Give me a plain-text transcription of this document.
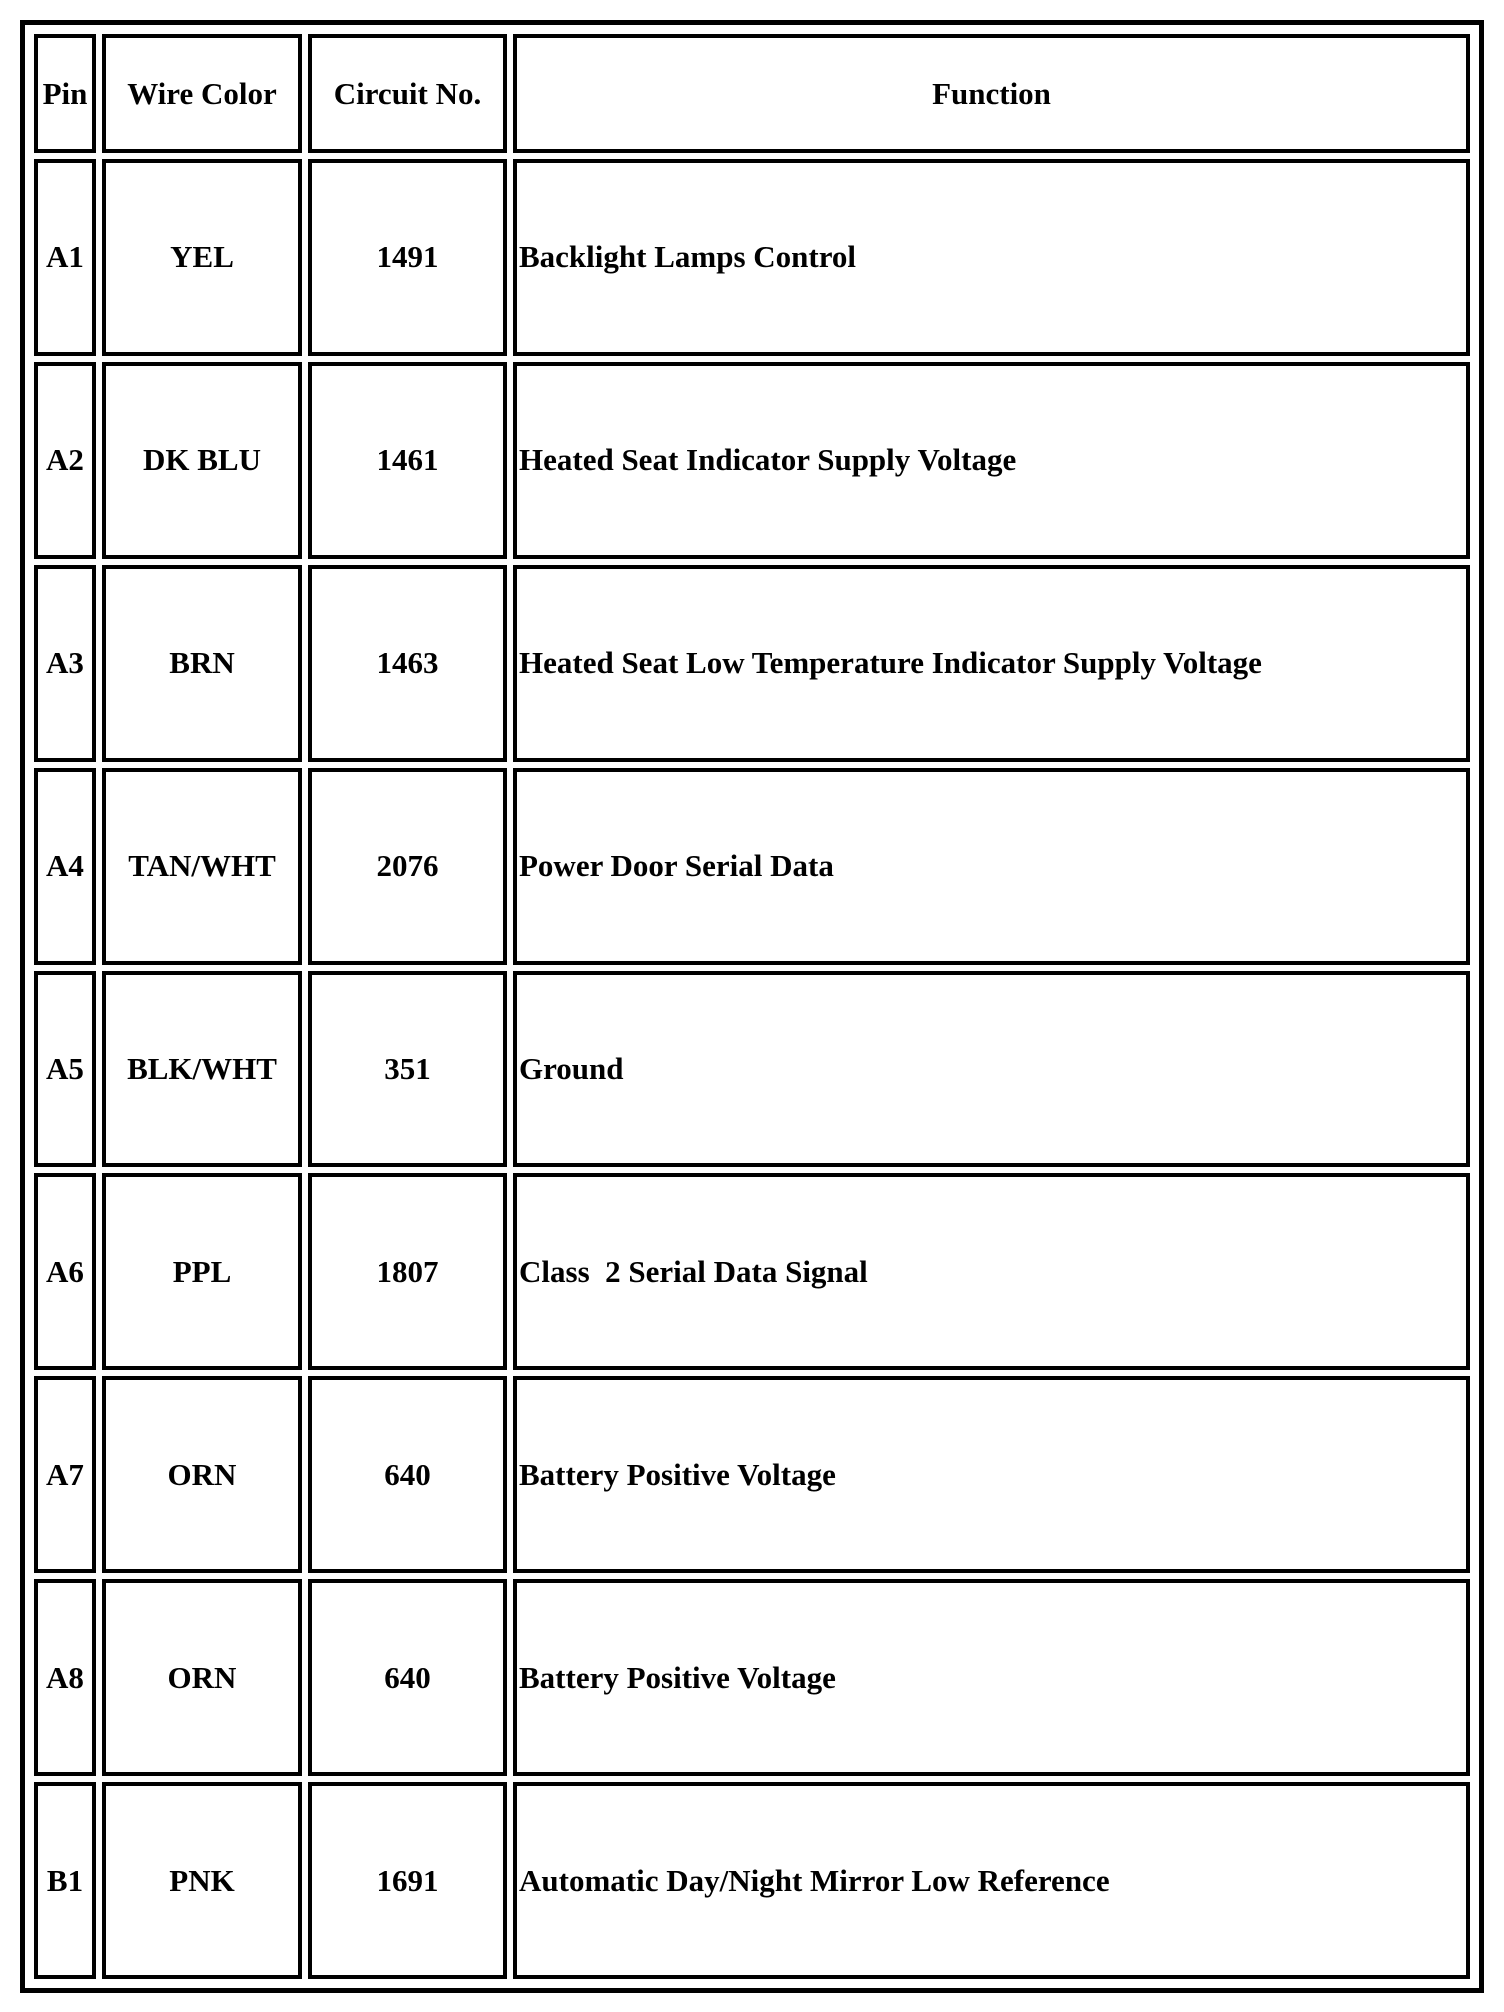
Pin	Wire Color	Circuit No.	Function
A1	YEL	1491	Backlight Lamps Control
A2	DK BLU	1461	Heated Seat Indicator Supply Voltage
A3	BRN	1463	Heated Seat Low Temperature Indicator Supply Voltage
A4	TAN/WHT	2076	Power Door Serial Data
A5	BLK/WHT	351	Ground
A6	PPL	1807	Class  2 Serial Data Signal
A7	ORN	640	Battery Positive Voltage
A8	ORN	640	Battery Positive Voltage
B1	PNK	1691	Automatic Day/Night Mirror Low Reference
